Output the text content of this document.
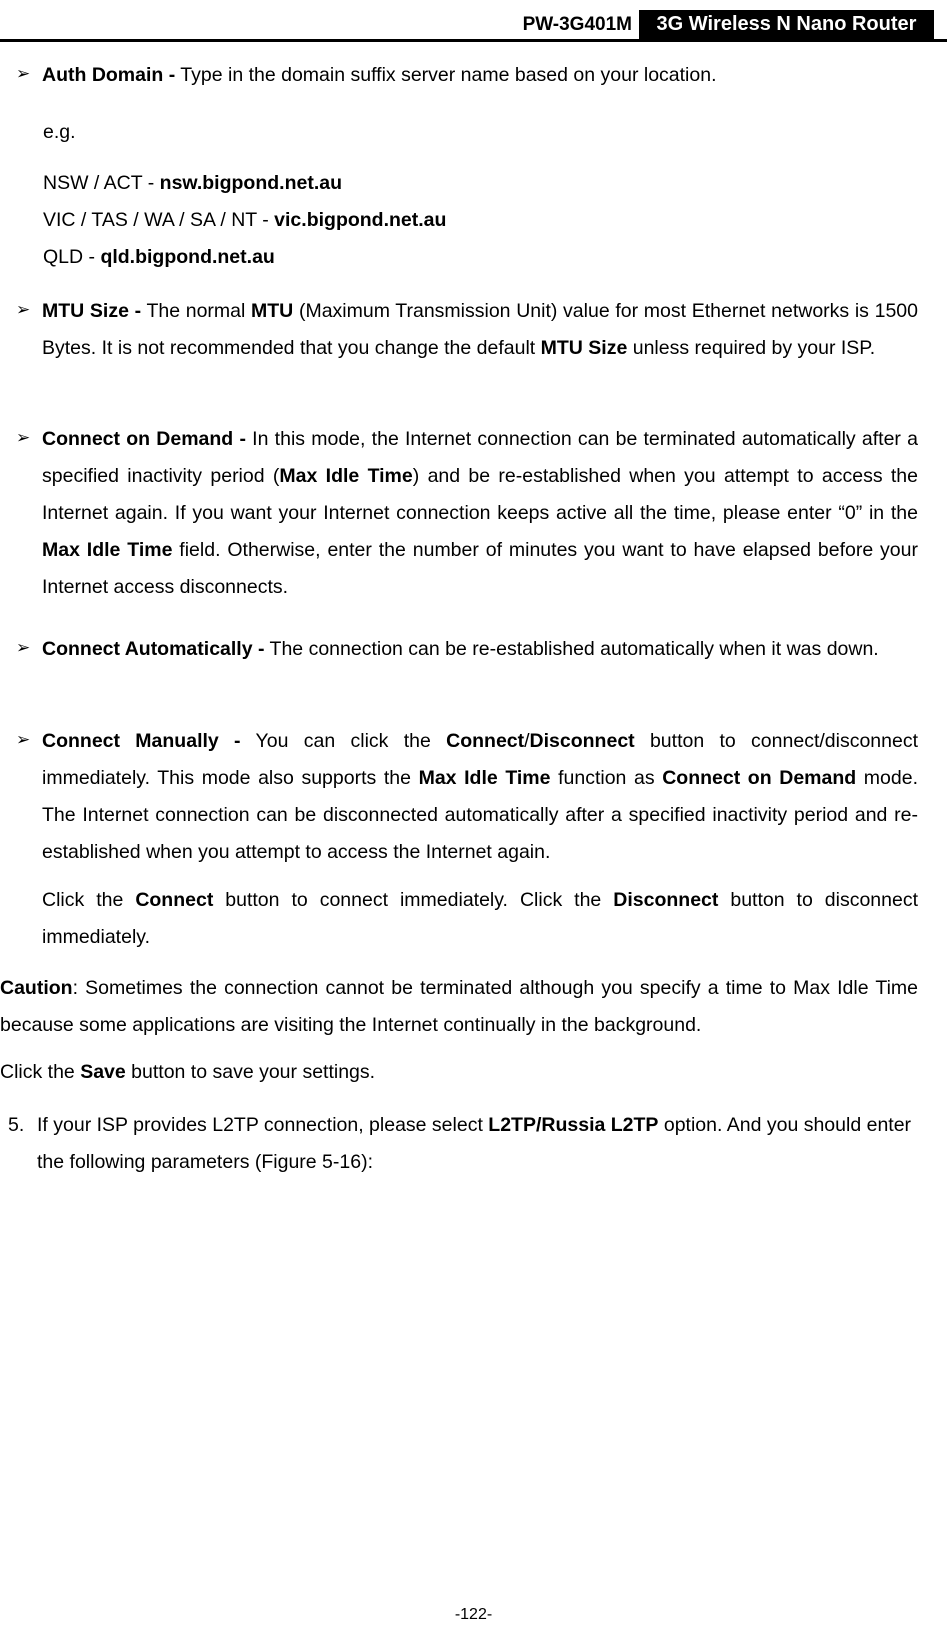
PW-3G401M	3G Wireless N Nano Router
➢ Auth Domain - Type in the domain suffix server name based on your location.

e.g.

NSW / ACT - nsw.bigpond.net.au

VIC / TAS / WA / SA / NT - vic.bigpond.net.au

QLD - qld.bigpond.net.au

➢ MTU Size - The normal MTU (Maximum Transmission Unit) value for most Ethernet networks is 1500 Bytes. It is not recommended that you change the default MTU Size unless required by your ISP.

➢ Connect on Demand - In this mode, the Internet connection can be terminated automatically after a specified inactivity period (Max Idle Time) and be re-established when you attempt to access the Internet again. If you want your Internet connection keeps active all the time, please enter “0” in the Max Idle Time field. Otherwise, enter the number of minutes you want to have elapsed before your Internet access disconnects.

➢ Connect Automatically - The connection can be re-established automatically when it was down.

➢ Connect Manually - You can click the Connect/Disconnect button to connect/disconnect immediately. This mode also supports the Max Idle Time function as Connect on Demand mode. The Internet connection can be disconnected automatically after a specified inactivity period and re-established when you attempt to access the Internet again.

Click the Connect button to connect immediately. Click the Disconnect button to disconnect immediately.

Caution: Sometimes the connection cannot be terminated although you specify a time to Max Idle Time because some applications are visiting the Internet continually in the background.

Click the Save button to save your settings.

5. If your ISP provides L2TP connection, please select L2TP/Russia L2TP option. And you should enter the following parameters (Figure 5-16):

-122-
